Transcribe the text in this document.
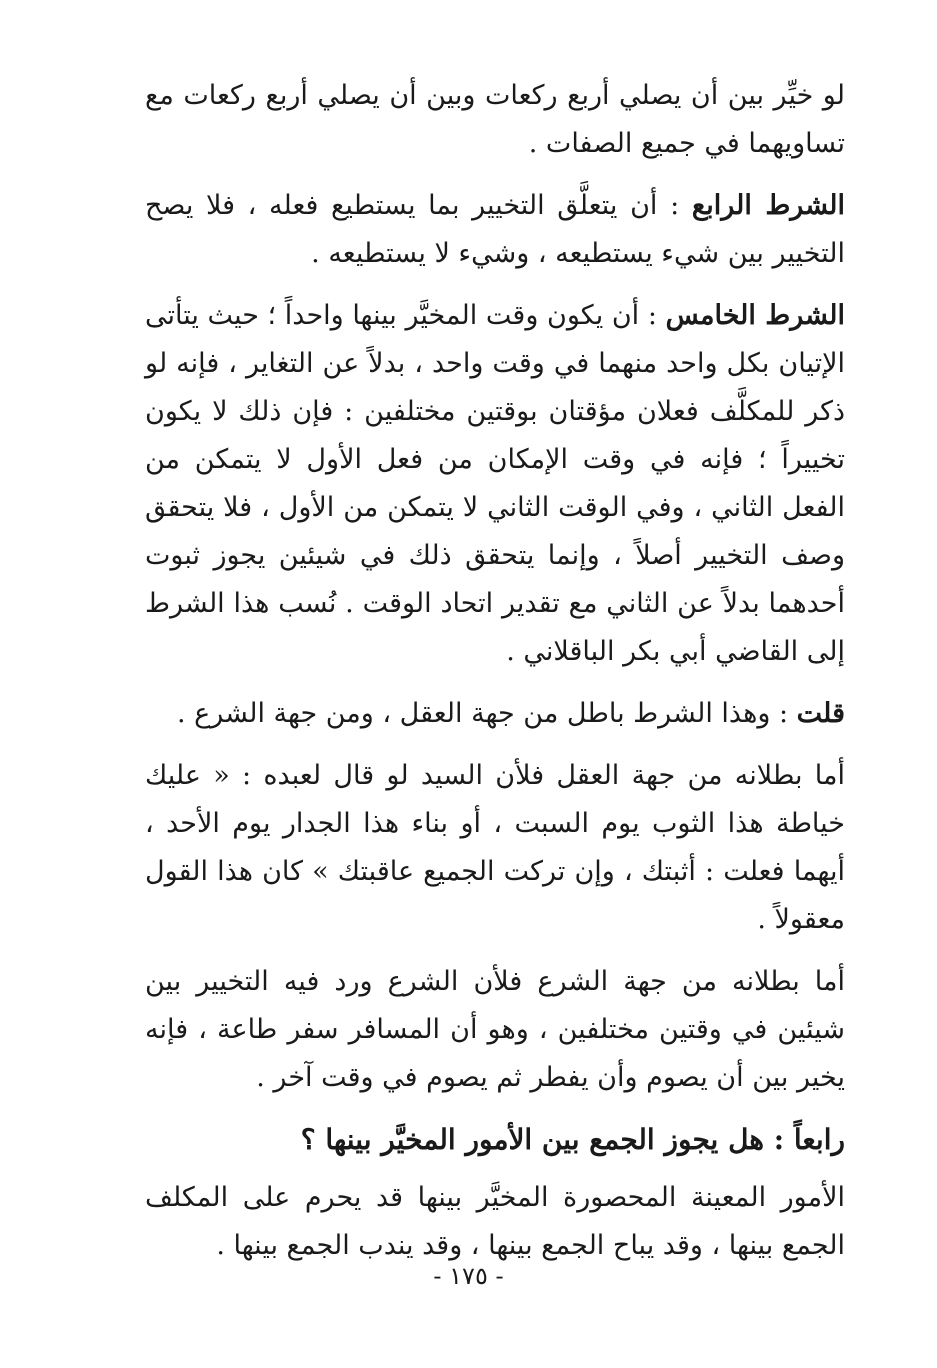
لو خيِّر بين أن يصلي أربع ركعات وبين أن يصلي أربع ركعات مع تساويهما في جميع الصفات .

الشرط الرابع : أن يتعلَّق التخيير بما يستطيع فعله ، فلا يصح التخيير بين شيء يستطيعه ، وشيء لا يستطيعه .

الشرط الخامس : أن يكون وقت المخيَّر بينها واحداً ؛ حيث يتأتى الإتيان بكل واحد منهما في وقت واحد ، بدلاً عن التغاير ، فإنه لو ذكر للمكلَّف فعلان مؤقتان بوقتين مختلفين : فإن ذلك لا يكون تخييراً ؛ فإنه في وقت الإمكان من فعل الأول لا يتمكن من الفعل الثاني ، وفي الوقت الثاني لا يتمكن من الأول ، فلا يتحقق وصف التخيير أصلاً ، وإنما يتحقق ذلك في شيئين يجوز ثبوت أحدهما بدلاً عن الثاني مع تقدير اتحاد الوقت . نُسب هذا الشرط إلى القاضي أبي بكر الباقلاني .

قلت : وهذا الشرط باطل من جهة العقل ، ومن جهة الشرع .

أما بطلانه من جهة العقل فلأن السيد لو قال لعبده : « عليك خياطة هذا الثوب يوم السبت ، أو بناء هذا الجدار يوم الأحد ، أيهما فعلت : أثبتك ، وإن تركت الجميع عاقبتك » كان هذا القول معقولاً .

أما بطلانه من جهة الشرع فلأن الشرع ورد فيه التخيير بين شيئين في وقتين مختلفين ، وهو أن المسافر سفر طاعة ، فإنه يخير بين أن يصوم وأن يفطر ثم يصوم في وقت آخر .

رابعاً : هل يجوز الجمع بين الأمور المخيَّر بينها ؟

الأمور المعينة المحصورة المخيَّر بينها قد يحرم على المكلف الجمع بينها ، وقد يباح الجمع بينها ، وقد يندب الجمع بينها .

- ١٧٥ -
